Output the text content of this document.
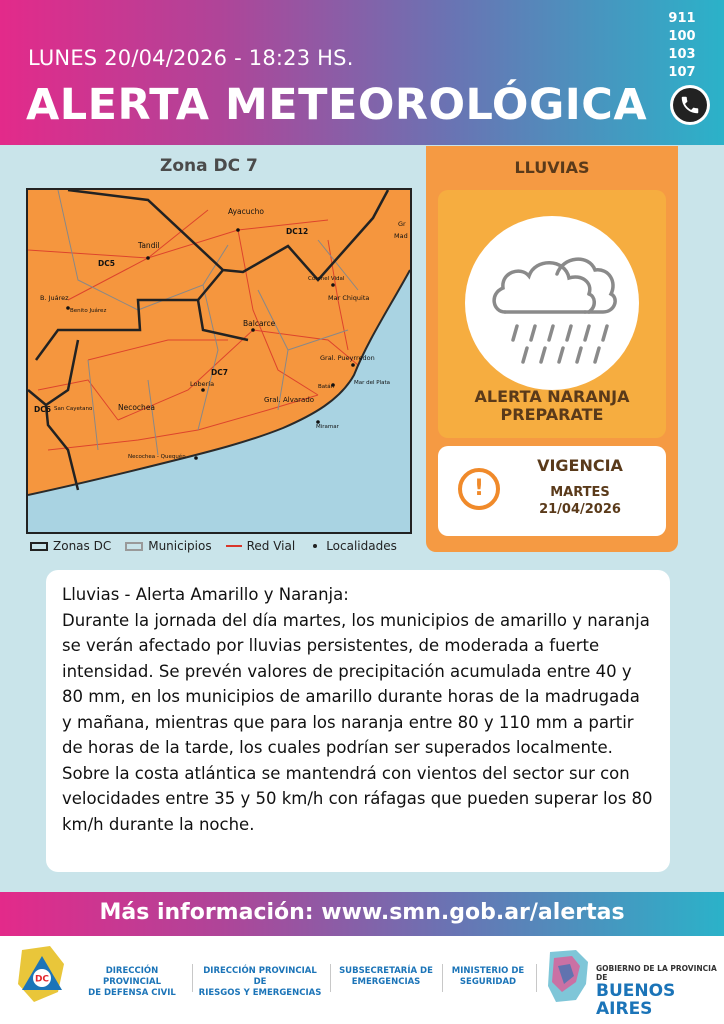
LUNES 20/04/2026 - 18:23 HS.
ALERTA METEOROLÓGICA
911
100
103
107
Zona DC 7
Ayacucho
DC12
Tandil
DC5
B. Juárez
Benito Juárez
Coronel Vidal
Mar Chiquita
Balcarce
Gral. Pueyrredon
Mar del Plata
Batán
DC7
Lobería
Necochea
San Cayetano
Gral. Alvarado
Miramar
Necochea - Quequén
DC6
Gr
Mad
Zonas DC	Municipios	Red Vial	Localidades
LLUVIAS
ALERTA NARANJA
PREPARATE
!
VIGENCIA
MARTES
21/04/2026
Lluvias - Alerta Amarillo y Naranja:
Durante la jornada del día martes, los municipios de amarillo y naranja se verán afectado por lluvias persistentes, de moderada a fuerte intensidad. Se prevén valores de precipitación acumulada entre 40 y 80 mm, en los municipios de amarillo durante horas de la madrugada y mañana, mientras que para los naranja entre 80 y 110 mm a partir de horas de la tarde, los cuales podrían ser superados localmente. Sobre la costa atlántica se mantendrá con vientos del sector sur con velocidades entre 35 y 50 km/h con ráfagas que pueden superar los 80 km/h durante la noche.
Más información: www.smn.gob.ar/alertas
DC
DIRECCIÓN PROVINCIAL
DE DEFENSA CIVIL
DIRECCIÓN PROVINCIAL DE
RIESGOS Y EMERGENCIAS
SUBSECRETARÍA DE
EMERGENCIAS
MINISTERIO DE
SEGURIDAD
GOBIERNO DE LA PROVINCIA DE
BUENOS AIRES
